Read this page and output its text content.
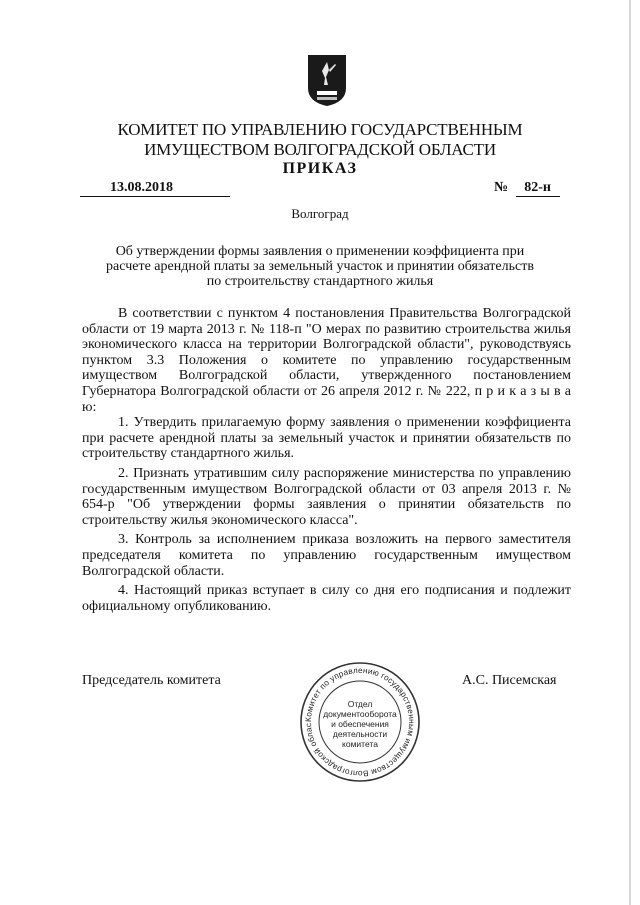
КОМИТЕТ ПО УПРАВЛЕНИЮ ГОСУДАРСТВЕННЫМ ИМУЩЕСТВОМ ВОЛГОГРАДСКОЙ ОБЛАСТИ
ПРИКАЗ
13.08.2018	№ 82-н
Волгоград
Об утверждении формы заявления о применении коэффициента при расчете арендной платы за земельный участок и принятии обязательств по строительству стандартного жилья

В соответствии с пунктом 4 постановления Правительства Волгоградской области от 19 марта 2013 г. № 118-п "О мерах по развитию строительства жилья экономического класса на территории Волгоградской области", руководствуясь пунктом 3.3 Положения о комитете по управлению государственным имуществом Волгоградской области, утвержденного постановлением Губернатора Волгоградской области от 26 апреля 2012 г. № 222, п р и к а з ы в а ю:

1. Утвердить прилагаемую форму заявления о применении коэффициента при расчете арендной платы за земельный участок и принятии обязательств по строительству стандартного жилья.

2. Признать утратившим силу распоряжение министерства по управлению государственным имуществом Волгоградской области от 03 апреля 2013 г. № 654-р "Об утверждении формы заявления о принятии обязательств по строительству жилья экономического класса".

3. Контроль за исполнением приказа возложить на первого заместителя председателя комитета по управлению государственным имуществом Волгоградской области.

4. Настоящий приказ вступает в силу со дня его подписания и подлежит официальному опубликованию.

Председатель комитета	А.С. Писемская
Комитет по управлению государственным имуществом Волгоградской облас
Отдел
документооборота
и обеспечения
деятельности
комитета
